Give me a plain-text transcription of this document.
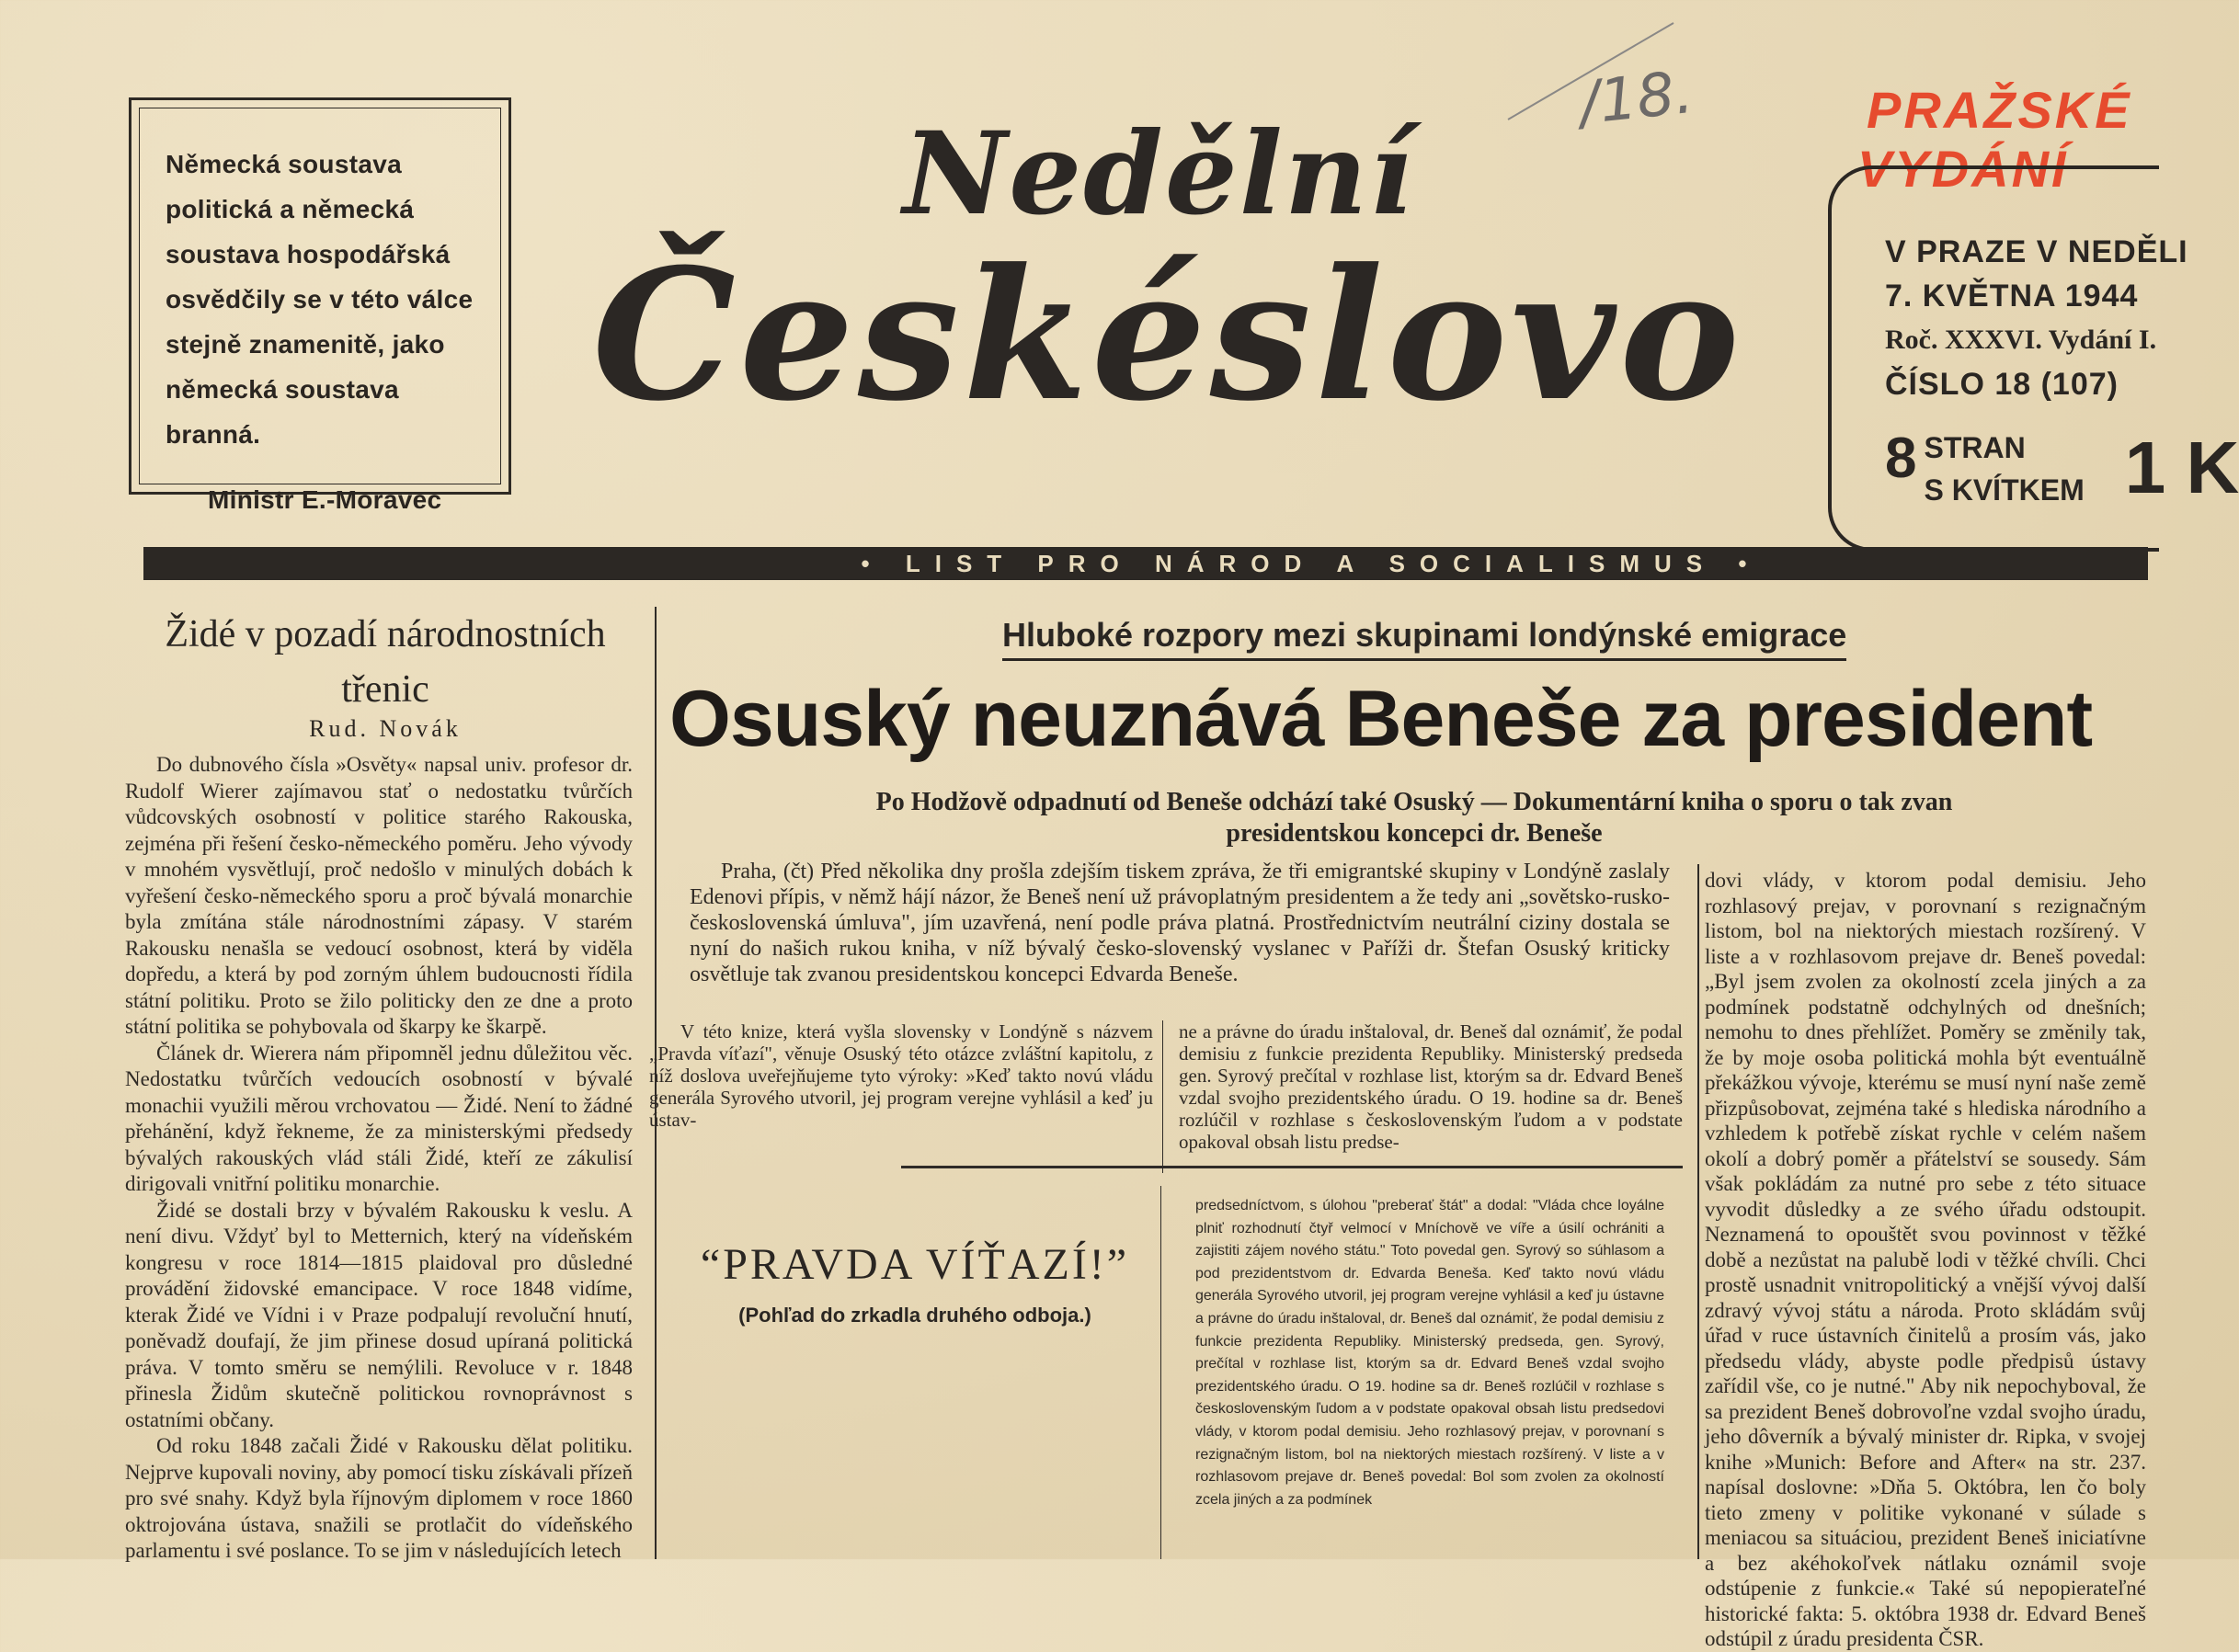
Německá soustava politická a německá soustava hospodářská osvědčily se v této válce stejně znamenitě, jako německá soustava branná.
Ministr E.-Moravec
Nedělní
Českéslovo
/18.	PRAŽSKÉ
VYDÁNÍ
V PRAZE V NEDĚLI
7. KVĚTNA 1944
Roč. XXXVI. Vydání I.
ČÍSLO 18 (107)
8 STRAN
S KVÍTKEM 1 K
• LIST PRO NÁROD A SOCIALISMUS •
Židé v pozadí národnostních třenic
Rud. Novák

Do dubnového čísla »Osvěty« napsal univ. profesor dr. Rudolf Wierer zajímavou stať o nedostatku tvůrčích vůdcovských osobností v politice starého Rakouska, zejména při řešení česko-německého poměru. Jeho vývody v mnohém vysvětlují, proč nedošlo v minulých dobách k vyřešení česko-německého sporu a proč bývalá monarchie byla zmítána stále národnostními zápasy. V starém Rakousku nenašla se vedoucí osobnost, která by viděla dopředu, a která by pod zorným úhlem budoucnosti řídila státní politiku. Proto se žilo politicky den ze dne a proto státní politika se pohybovala od škarpy ke škarpě.

Článek dr. Wierera nám připomněl jednu důležitou věc. Nedostatku tvůrčích vedoucích osobností v bývalé monachii využili měrou vrchovatou — Židé. Není to žádné přehánění, když řekneme, že za ministerskými předsedy bývalých rakouských vlád stáli Židé, kteří ze zákulisí dirigovali vnitřní politiku monarchie.

Židé se dostali brzy v bývalém Rakousku k veslu. A není divu. Vždyť byl to Metternich, který na vídeňském kongresu v roce 1814—1815 plaidoval pro důsledné provádění židovské emancipace. V roce 1848 vidíme, kterak Židé ve Vídni i v Praze podpalují revoluční hnutí, poněvadž doufají, že jim přinese dosud upíraná politická práva. V tomto směru se nemýlili. Revoluce v r. 1848 přinesla Židům skutečně politickou rovnoprávnost s ostatními občany.

Od roku 1848 začali Židé v Rakousku dělat politiku. Nejprve kupovali noviny, aby pomocí tisku získávali přízeň pro své snahy. Když byla říjnovým diplomem v roce 1860 oktrojována ústava, snažili se protlačit do vídeňského parlamentu i své poslance. To se jim v následujících letech

Hluboké rozpory mezi skupinami londýnské emigrace
Osuský neuznává Beneše za president
Po Hodžově odpadnutí od Beneše odchází také Osuský — Dokumentární kniha o sporu o tak zvan
presidentskou koncepci dr. Beneše

Praha, (čt) Před několika dny prošla zdejším tiskem zpráva, že tři emigrantské skupiny v Londýně zaslaly Edenovi přípis, v němž hájí názor, že Beneš není už právoplatným presidentem a že tedy ani „sovětsko-rusko-československá úmluva", jím uzavřená, není podle práva platná. Prostřednictvím neutrální ciziny dostala se nyní do našich rukou kniha, v níž bývalý česko-slovenský vyslanec v Paříži dr. Štefan Osuský kriticky osvětluje tak zvanou presidentskou koncepci Edvarda Beneše.

V této knize, která vyšla slovensky v Londýně s názvem „Pravda víťazí", věnuje Osuský této otázce zvláštní kapitolu, z níž doslova uveřejňujeme tyto výroky: »Keď takto novú vládu generála Syrového utvoril, jej program verejne vyhlásil a keď ju ústav-

ne a právne do úradu inštaloval, dr. Beneš dal oznámiť, že podal demisiu z funkcie prezidenta Republiky. Ministerský predseda gen. Syrový prečítal v rozhlase list, ktorým sa dr. Edvard Beneš vzdal svojho prezidentského úradu. O 19. hodine sa dr. Beneš rozlúčil v rozhlase s československým ľudom a v podstate opakoval obsah listu predse-

“PRAVDA VÍŤAZÍ!”
(Pohľad do zrkadla druhého odboja.)

predsedníctvom, s úlohou "preberať štát" a dodal: "Vláda chce loyálne plniť rozhodnutí čtyř velmocí v Mníchově ve víře a úsilí ochrániti a zajistiti zájem nového státu." Toto povedal gen. Syrový so súhlasom a pod prezidentstvom dr. Edvarda Beneša. Keď takto novú vládu generála Syrového utvoril, jej program verejne vyhlásil a keď ju ústavne a právne do úradu inštaloval, dr. Beneš dal oznámiť, že podal demisiu z funkcie prezidenta Republiky. Ministerský predseda, gen. Syrový, prečítal v rozhlase list, ktorým sa dr. Edvard Beneš vzdal svojho prezidentského úradu. O 19. hodine sa dr. Beneš rozlúčil v rozhlase s československým ľudom a v podstate opakoval obsah listu predsedovi vlády, v ktorom podal demisiu. Jeho rozhlasový prejav, v porovnaní s rezignačným listom, bol na niektorých miestach rozšírený. V liste a v rozhlasovom prejave dr. Beneš povedal: Bol som zvolen za okolností zcela jiných a za podmínek

dovi vlády, v ktorom podal demisiu. Jeho rozhlasový prejav, v porovnaní s rezignačným listom, bol na niektorých miestach rozšírený. V liste a v rozhlasovom prejave dr. Beneš povedal: „Byl jsem zvolen za okolností zcela jiných a za podmínek podstatně odchylných od dnešních; nemohu to dnes přehlížet. Poměry se změnily tak, že by moje osoba politická mohla být eventuálně překážkou vývoje, kterému se musí nyní naše země přizpůsobovat, zejména také s hlediska národního a vzhledem k potřebě získat rychle v celém našem okolí a dobrý poměr a přátelství se sousedy. Sám však pokládám za nutné pro sebe z této situace vyvodit důsledky a ze svého úřadu odstoupit. Neznamená to opouštět svou povinnost v těžké době a nezůstat na palubě lodi v těžké chvíli. Chci prostě usnadnit vnitropolitický a vnější vývoj další zdravý vývoj státu a národa. Proto skládám svůj úřad v ruce ústavních činitelů a prosím vás, jako předsedu vlády, abyste podle předpisů ústavy zařídil vše, co je nutné." Aby nik nepochyboval, že sa prezident Beneš dobrovoľne vzdal svojho úradu, jeho dôverník a bývalý minister dr. Ripka, v svojej knihe »Munich: Before and After« na str. 237. napísal doslovne: »Dňa 5. Októbra, len čo boly tieto zmeny v politike vykonané v súlade s meniacou sa situáciou, prezident Beneš iniciatívne a bez akéhokoľvek nátlaku oznámil svoje odstúpenie z funkcie.« Také sú nepopierateľné historické fakta: 5. októbra 1938 dr. Edvard Beneš odstúpil z úradu presidenta ČSR.
